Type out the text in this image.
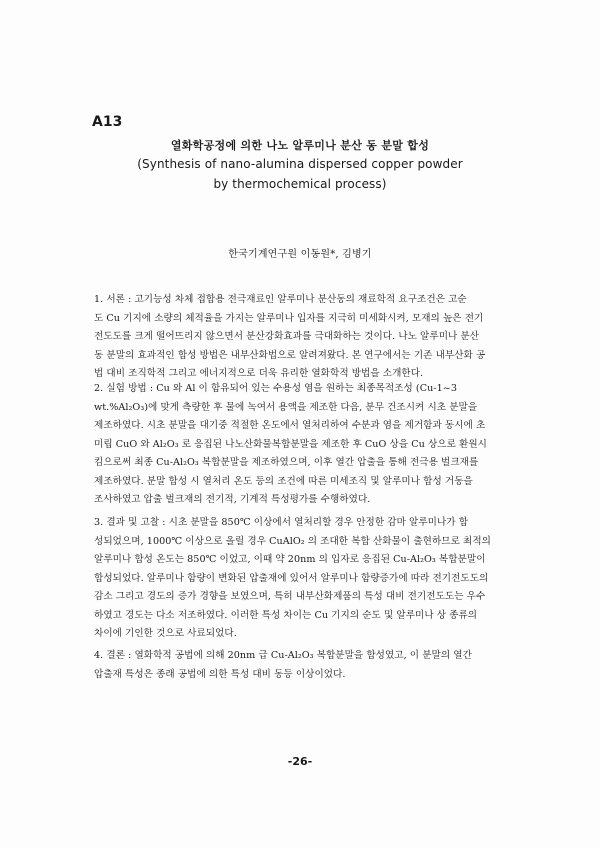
A13
열화학공정에 의한 나노 알루미나 분산 동 분말 합성
(Synthesis of nano-alumina dispersed copper powder
by thermochemical process)
한국기계연구원 이동원*, 김병기
1. 서론 : 고기능성 차체 접합용 전극재료인 알루미나 분산동의 재료학적 요구조건은 고순
도 Cu 기지에 소량의 체적율을 가지는 알루미나 입자를 지극히 미세화시켜, 모재의 높은 전기
전도도를 크게 떨어뜨리지 않으면서 분산강화효과를 극대화하는 것이다. 나노 알루미나 분산
동 분말의 효과적인 합성 방법은 내부산화법으로 알려져왔다. 본 연구에서는 기존 내부산화 공
법 대비 조직학적 그리고 에너지적으로 더욱 유리한 열화학적 방법을 소개한다.
2. 실험 방법 : Cu 와 Al 이 함유되어 있는 수용성 염을 원하는 최종목적조성 (Cu-1~3
wt.%Al₂O₃)에 맞게 측량한 후 물에 녹여서 용액을 제조한 다음, 분무 건조시켜 시초 분말을
제조하였다. 시초 분말을 대기중 적절한 온도에서 열처리하여 수분과 염을 제거함과 동시에 초
미립 CuO 와 Al₂O₃ 로 응집된 나노산화물복합분말을 제조한 후 CuO 상을 Cu 상으로 환원시
킴으로써 최종 Cu-Al₂O₃ 복합분말을 제조하였으며, 이후 열간 압출을 통해 전극용 벌크재를
제조하였다. 분말 합성 시 열처리 온도 등의 조건에 따른 미세조직 및 알루미나 합성 거동을
조사하였고 압출 벌크재의 전기적, 기계적 특성평가를 수행하였다.
3. 결과 및 고찰 : 시초 분말을 850℃ 이상에서 열처리할 경우 안정한 감마 알루미나가 합
성되었으며, 1000℃ 이상으로 올릴 경우 CuAlO₂ 의 조대한 복합 산화물이 출현하므로 최적의
알루미나 합성 온도는 850℃ 이었고, 이때 약 20nm 의 입자로 응집된 Cu-Al₂O₃ 복합분말이
합성되었다. 알루미나 함량이 변화된 압출재에 있어서 알루미나 함량증가에 따라 전기전도도의
감소 그리고 경도의 증가 경향을 보였으며, 특히 내부산화제품의 특성 대비 전기전도도는 우수
하였고 경도는 다소 저조하였다. 이러한 특성 차이는 Cu 기지의 순도 및 알루미나 상 종류의
차이에 기인한 것으로 사료되었다.
4. 결론 : 열화학적 공법에 의해 20nm 급 Cu-Al₂O₃ 복합분말을 합성였고, 이 분말의 열간
압출재 특성은 종래 공법에 의한 특성 대비 동등 이상이었다.
-26-
